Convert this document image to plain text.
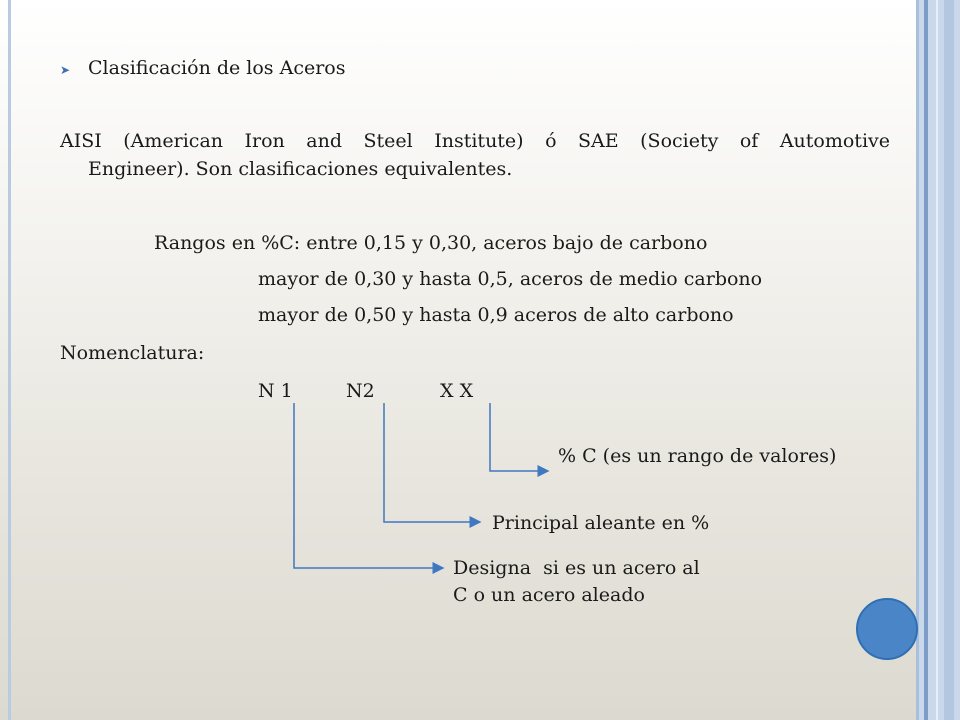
➤ Clasificación de los Aceros
AISI (American Iron and Steel Institute) ó SAE (Society of Automotive
Engineer). Son clasificaciones equivalentes.
Rangos en %C: entre 0,15 y 0,30, aceros bajo de carbono
mayor de 0,30 y hasta 0,5, aceros de medio carbono
mayor de 0,50 y hasta 0,9 aceros de alto carbono
Nomenclatura:
N 1	N2	X X
% C (es un rango de valores)
Principal aleante en %
Designa  si es un acero al
C o un acero aleado
